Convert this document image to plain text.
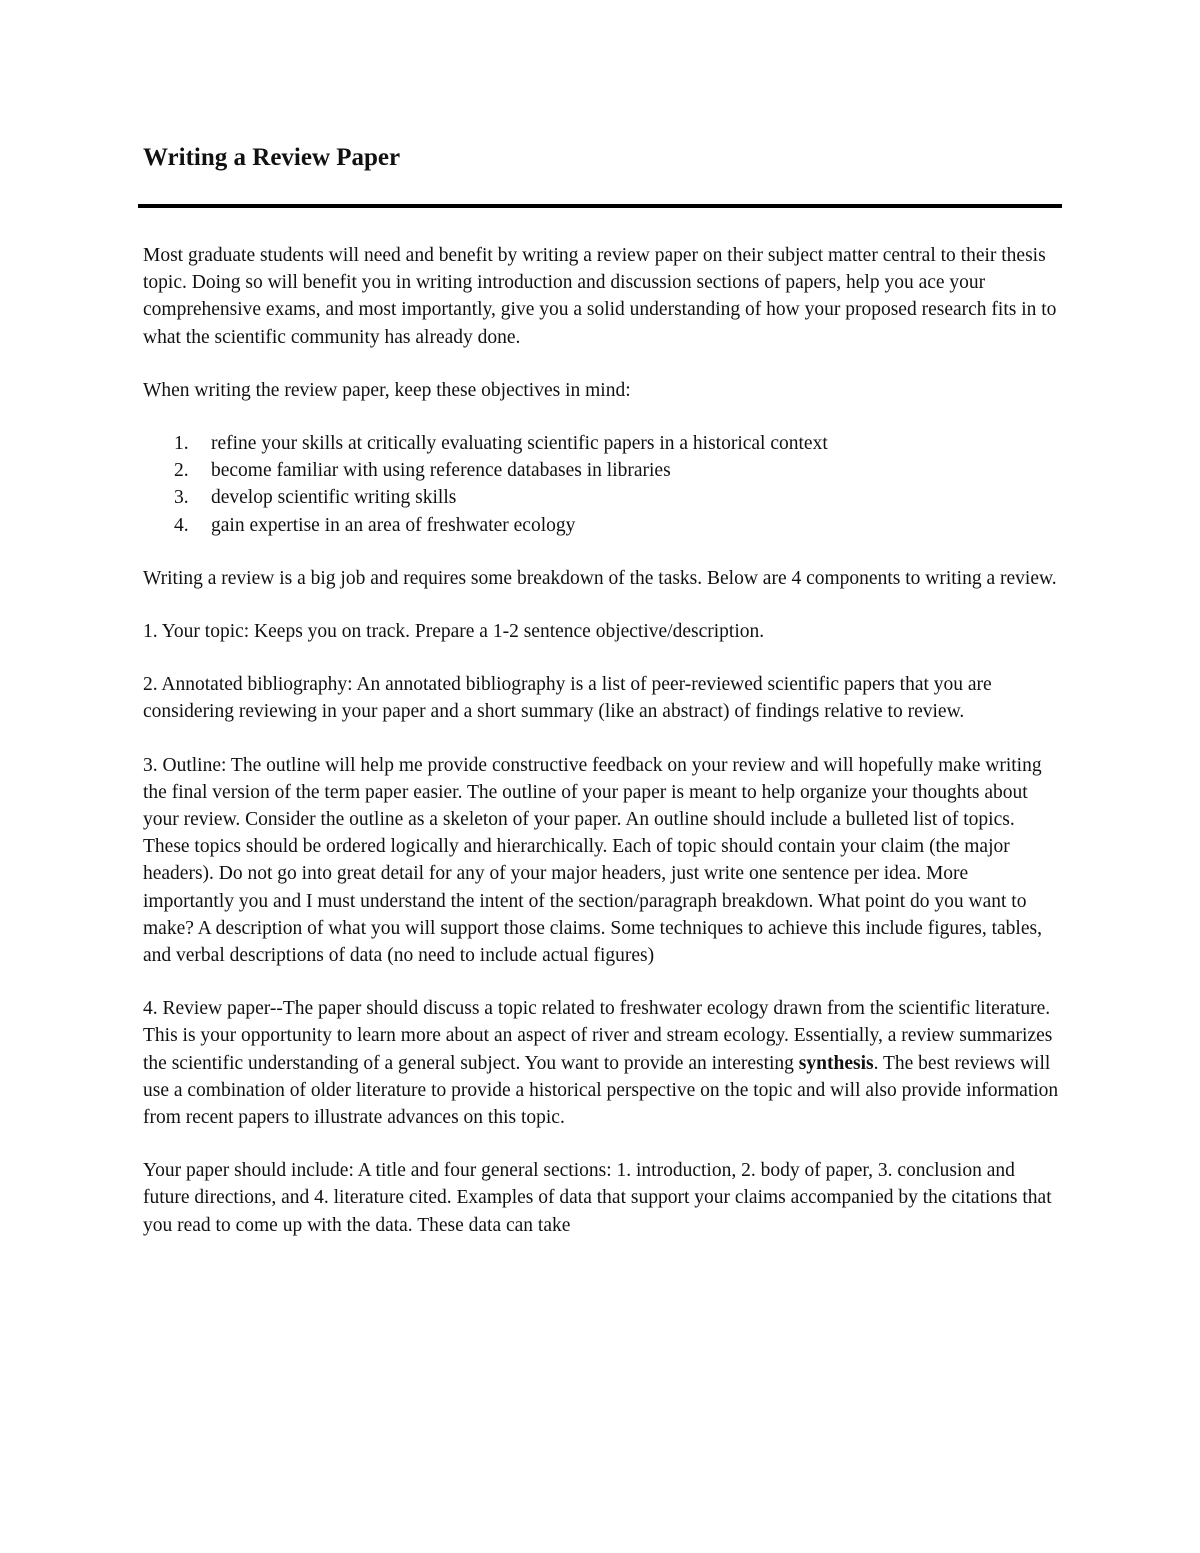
Writing a Review Paper

Most graduate students will need and benefit by writing a review paper on their subject matter central to their thesis topic. Doing so will benefit you in writing introduction and discussion sections of papers, help you ace your comprehensive exams, and most importantly, give you a solid understanding of how your proposed research fits in to what the scientific community has already done.

When writing the review paper, keep these objectives in mind:

1. refine your skills at critically evaluating scientific papers in a historical context
2. become familiar with using reference databases in libraries
3. develop scientific writing skills
4. gain expertise in an area of freshwater ecology

Writing a review is a big job and requires some breakdown of the tasks. Below are 4 components to writing a review.

1. Your topic: Keeps you on track. Prepare a 1-2 sentence objective/description.

2. Annotated bibliography: An annotated bibliography is a list of peer-reviewed scientific papers that you are considering reviewing in your paper and a short summary (like an abstract) of findings relative to review.

3. Outline: The outline will help me provide constructive feedback on your review and will hopefully make writing the final version of the term paper easier. The outline of your paper is meant to help organize your thoughts about your review. Consider the outline as a skeleton of your paper. An outline should include a bulleted list of topics. These topics should be ordered logically and hierarchically. Each of topic should contain your claim (the major headers). Do not go into great detail for any of your major headers, just write one sentence per idea. More importantly you and I must understand the intent of the section/paragraph breakdown. What point do you want to make? A description of what you will support those claims. Some techniques to achieve this include figures, tables, and verbal descriptions of data (no need to include actual figures)

4. Review paper--The paper should discuss a topic related to freshwater ecology drawn from the scientific literature. This is your opportunity to learn more about an aspect of river and stream ecology. Essentially, a review summarizes the scientific understanding of a general subject. You want to provide an interesting synthesis. The best reviews will use a combination of older literature to provide a historical perspective on the topic and will also provide information from recent papers to illustrate advances on this topic.

Your paper should include: A title and four general sections: 1. introduction, 2. body of paper, 3. conclusion and future directions, and 4. literature cited. Examples of data that support your claims accompanied by the citations that you read to come up with the data. These data can take
